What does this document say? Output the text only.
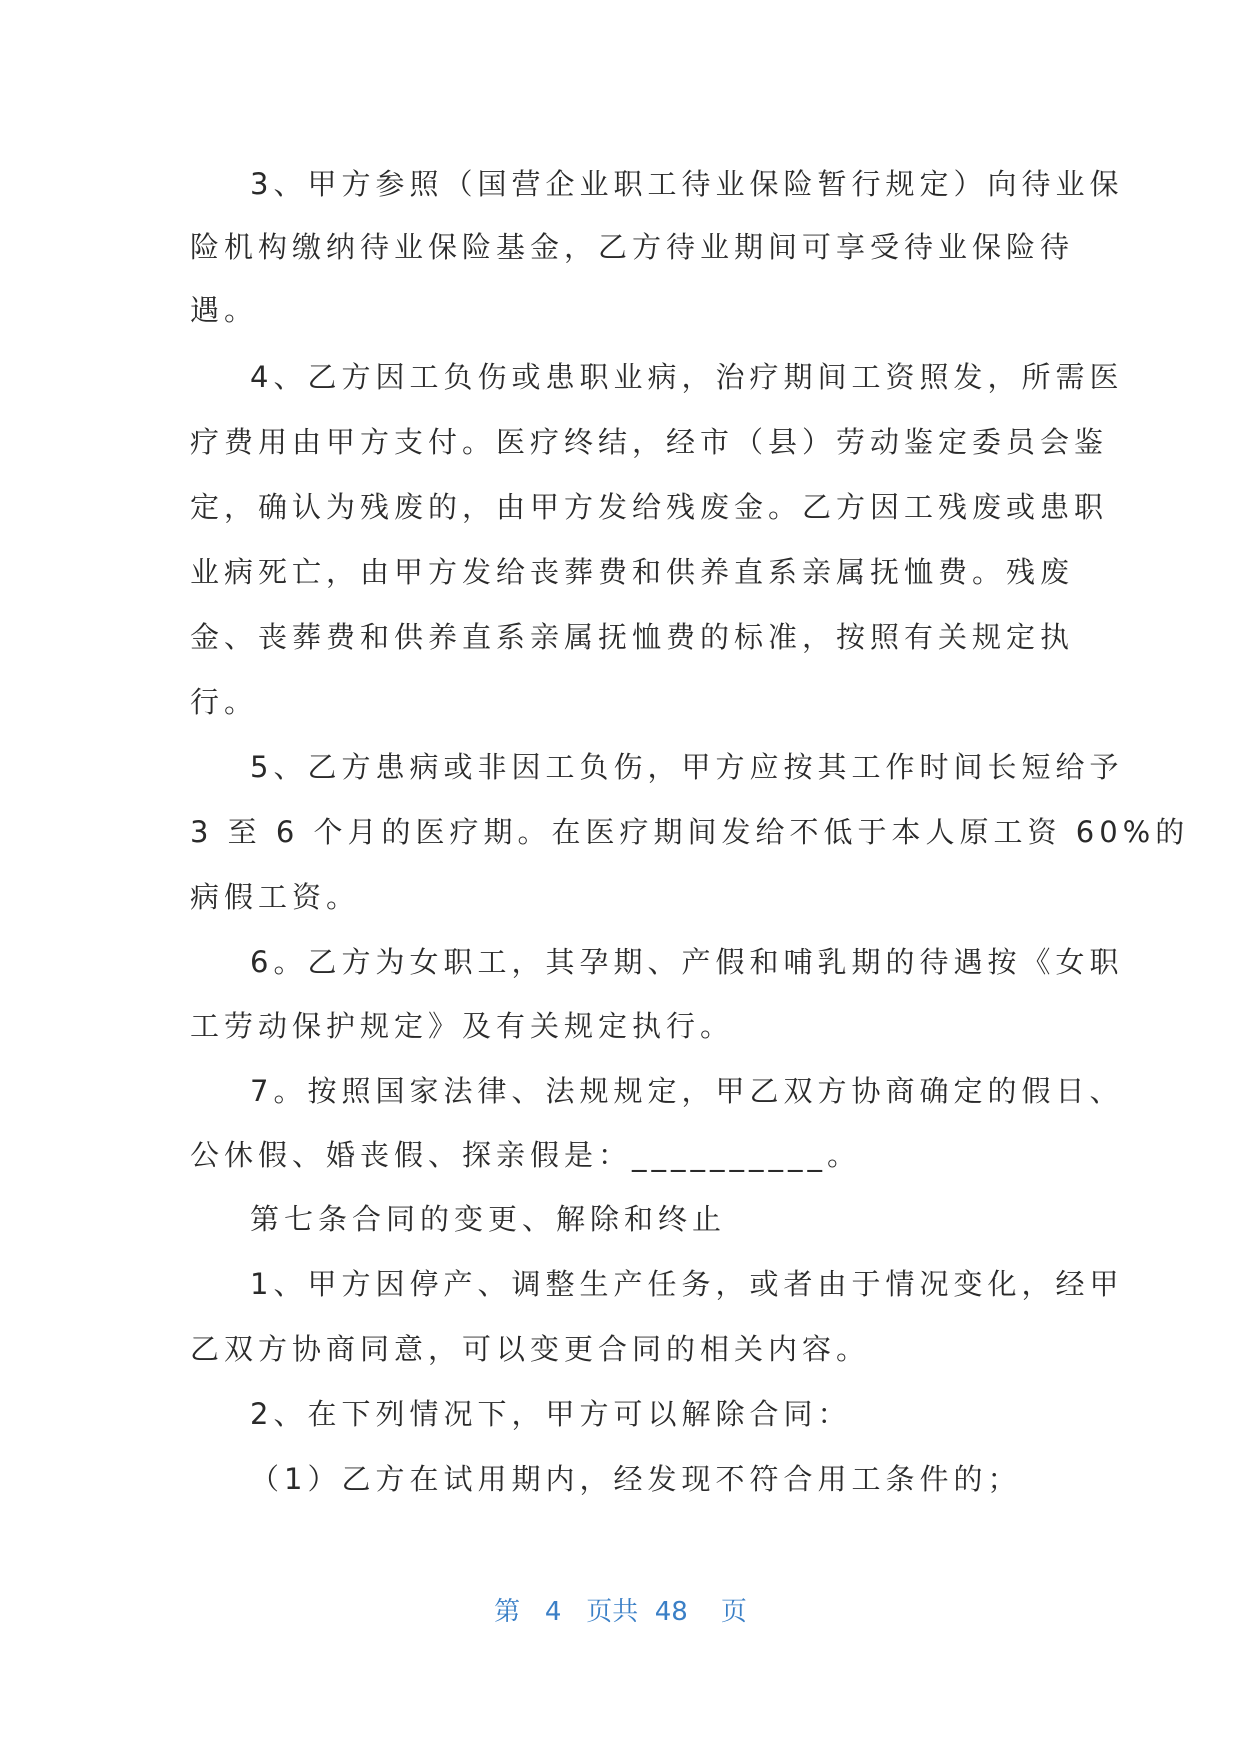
3、甲方参照（国营企业职工待业保险暂行规定）向待业保
险机构缴纳待业保险基金，乙方待业期间可享受待业保险待
遇。
4、乙方因工负伤或患职业病，治疗期间工资照发，所需医
疗费用由甲方支付。医疗终结，经市（县）劳动鉴定委员会鉴
定，确认为残废的，由甲方发给残废金。乙方因工残废或患职
业病死亡，由甲方发给丧葬费和供养直系亲属抚恤费。残废
金、丧葬费和供养直系亲属抚恤费的标准，按照有关规定执
行。
5、乙方患病或非因工负伤，甲方应按其工作时间长短给予
3 至 6 个月的医疗期。在医疗期间发给不低于本人原工资 60%的
病假工资。
6。乙方为女职工，其孕期、产假和哺乳期的待遇按《女职
工劳动保护规定》及有关规定执行。
7。按照国家法律、法规规定，甲乙双方协商确定的假日、
公休假、婚丧假、探亲假是：__________。
第七条合同的变更、解除和终止
1、甲方因停产、调整生产任务，或者由于情况变化，经甲
乙双方协商同意，可以变更合同的相关内容。
2、在下列情况下，甲方可以解除合同：
（1）乙方在试用期内，经发现不符合用工条件的；
第 4 页共 48 页
